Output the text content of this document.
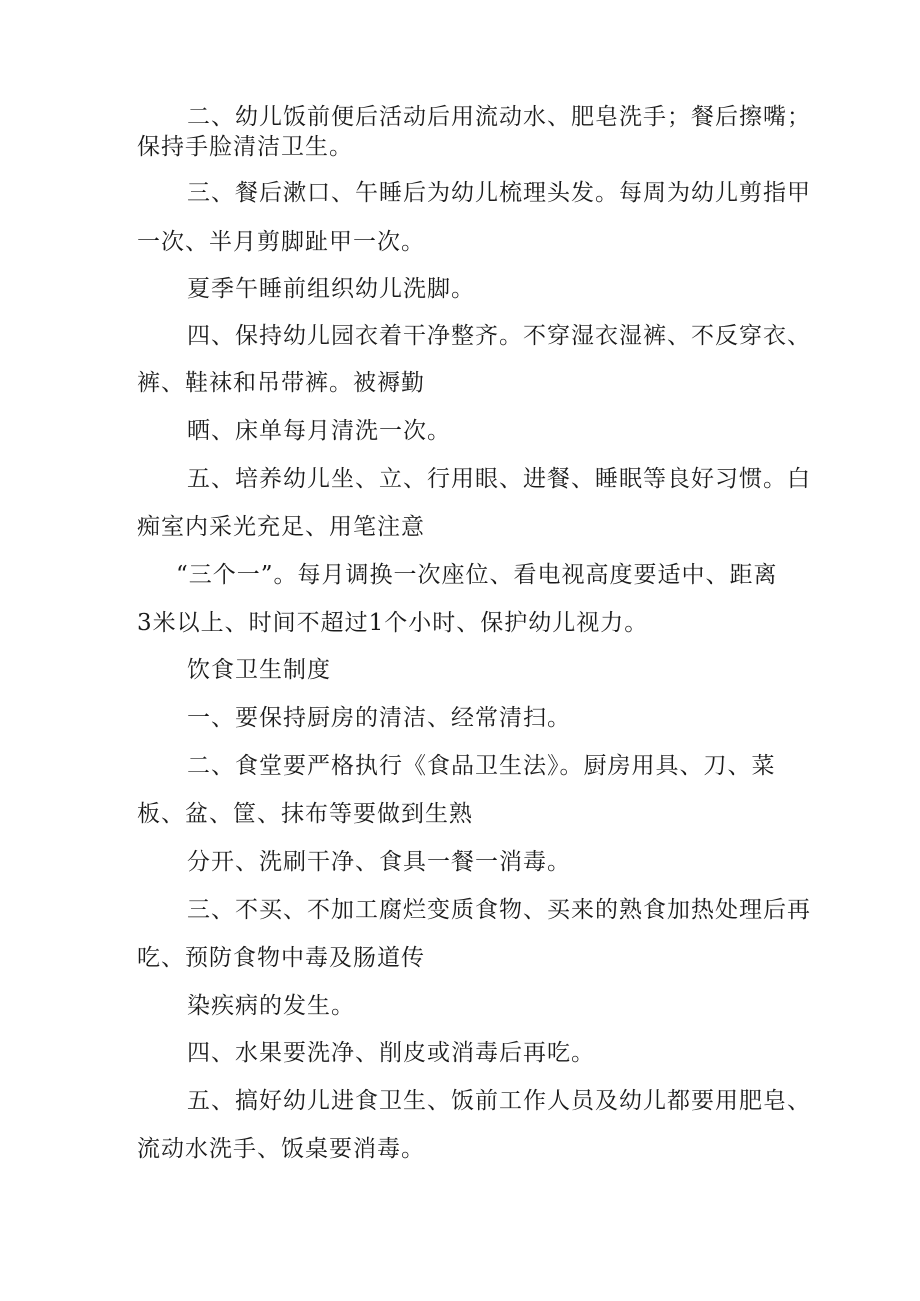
二、幼儿饭前便后活动后用流动水、肥皂洗手；餐后擦嘴；
保持手脸清洁卫生。
三、餐后漱口、午睡后为幼儿梳理头发。每周为幼儿剪指甲
一次、半月剪脚趾甲一次。
夏季午睡前组织幼儿洗脚。
四、保持幼儿园衣着干净整齐。不穿湿衣湿裤、不反穿衣、
裤、鞋袜和吊带裤。被褥勤
晒、床单每月清洗一次。
五、培养幼儿坐、立、行用眼、进餐、睡眠等良好习惯。白
痴室内采光充足、用笔注意
“三个一”。每月调换一次座位、看电视高度要适中、距离
3米以上、时间不超过1个小时、保护幼儿视力。
饮食卫生制度
一、要保持厨房的清洁、经常清扫。
二、食堂要严格执行《食品卫生法》。厨房用具、刀、菜
板、盆、筐、抹布等要做到生熟
分开、洗刷干净、食具一餐一消毒。
三、不买、不加工腐烂变质食物、买来的熟食加热处理后再
吃、预防食物中毒及肠道传
染疾病的发生。
四、水果要洗净、削皮或消毒后再吃。
五、搞好幼儿进食卫生、饭前工作人员及幼儿都要用肥皂、
流动水洗手、饭桌要消毒。
